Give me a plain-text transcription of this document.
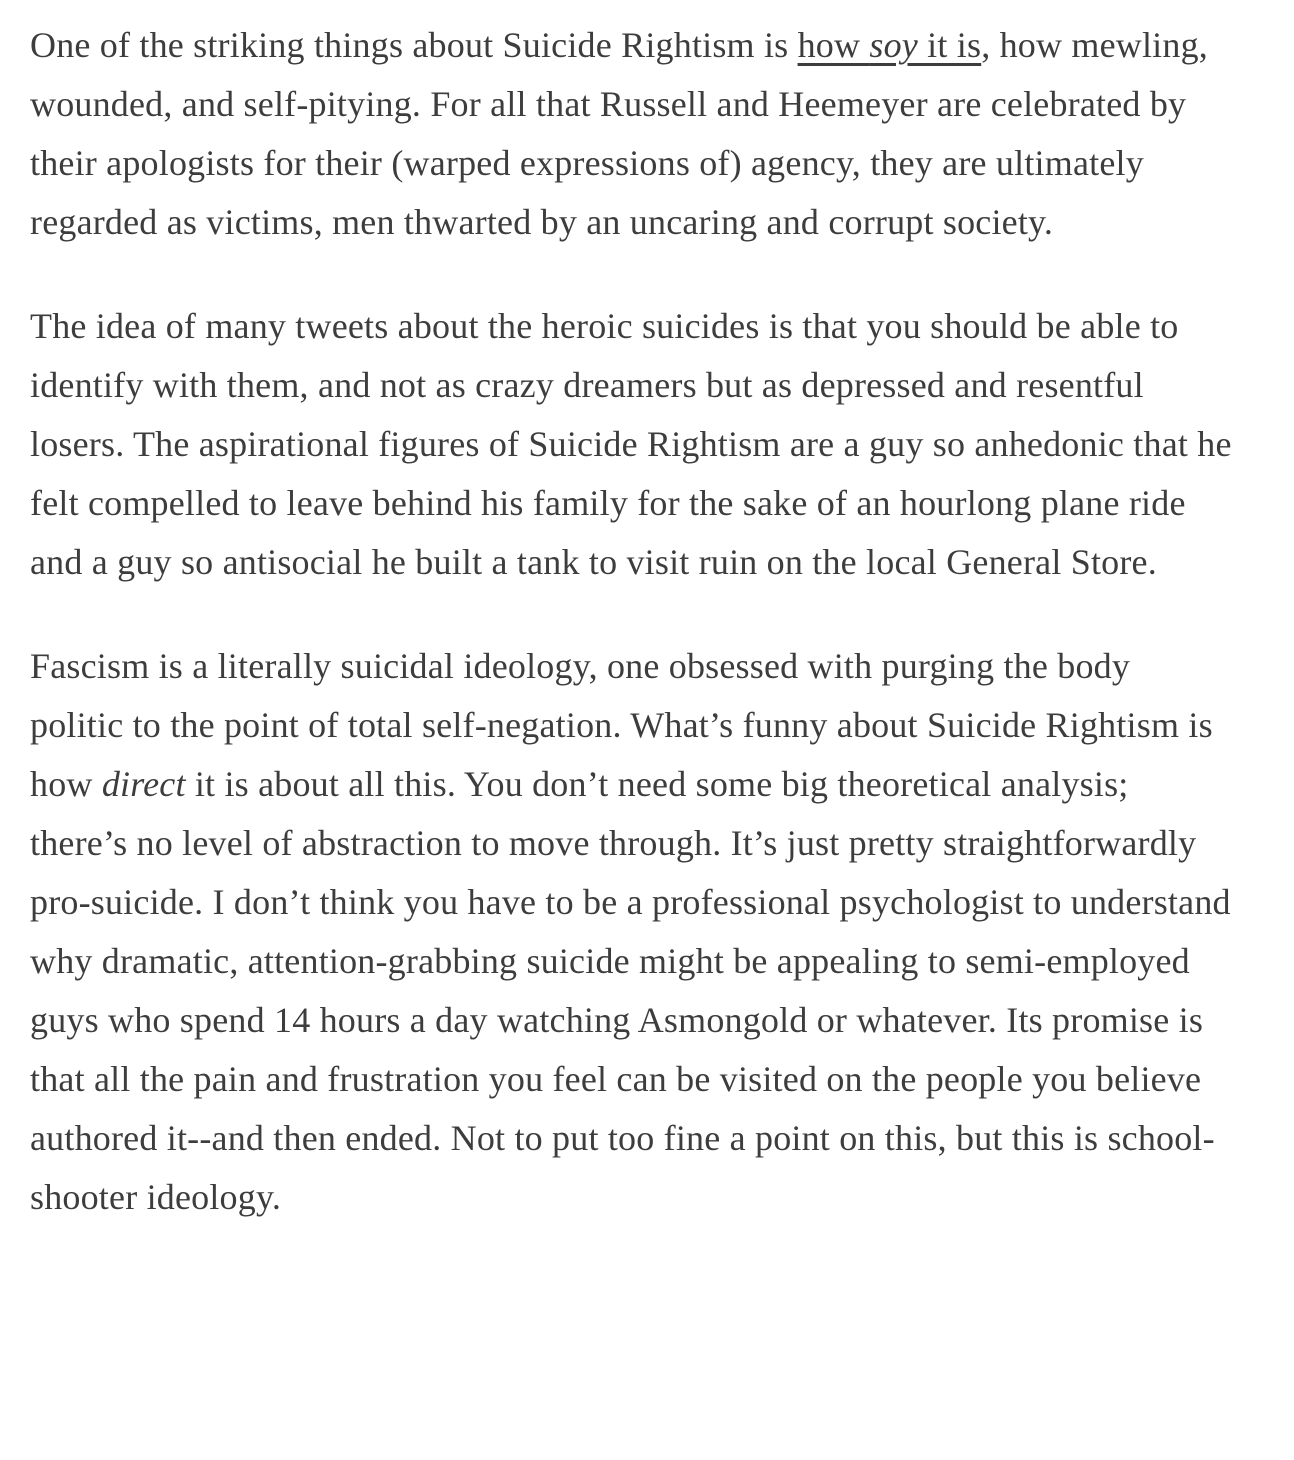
One of the striking things about Suicide Rightism is how soy it is, how mewling, wounded, and self-pitying. For all that Russell and Heemeyer are celebrated by their apologists for their (warped expressions of) agency, they are ultimately regarded as victims, men thwarted by an uncaring and corrupt society.

The idea of many tweets about the heroic suicides is that you should be able to identify with them, and not as crazy dreamers but as depressed and resentful losers. The aspirational figures of Suicide Rightism are a guy so anhedonic that he felt compelled to leave behind his family for the sake of an hourlong plane ride and a guy so antisocial he built a tank to visit ruin on the local General Store.

Fascism is a literally suicidal ideology, one obsessed with purging the body politic to the point of total self-negation. What’s funny about Suicide Rightism is how direct it is about all this. You don’t need some big theoretical analysis; there’s no level of abstraction to move through. It’s just pretty straightforwardly pro-suicide. I don’t think you have to be a professional psychologist to understand why dramatic, attention-grabbing suicide might be appealing to semi-employed guys who spend 14 hours a day watching Asmongold or whatever. Its promise is that all the pain and frustration you feel can be visited on the people you believe authored it--and then ended. Not to put too fine a point on this, but this is school-shooter ideology.
